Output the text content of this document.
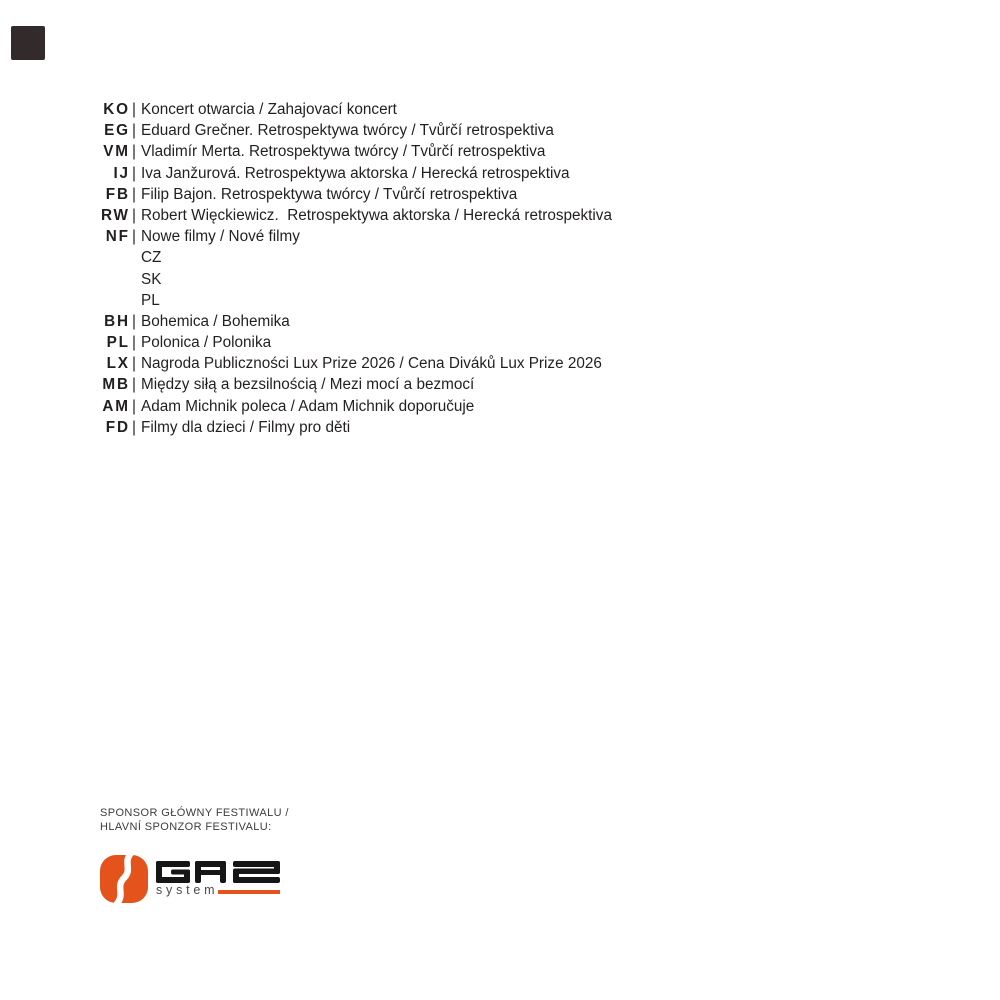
KO | Koncert otwarcia / Zahajovací koncert
EG | Eduard Grečner. Retrospektywa twórcy / Tvůrčí retrospektiva
VM | Vladimír Merta. Retrospektywa twórcy / Tvůrčí retrospektiva
IJ | Iva Janžurová. Retrospektywa aktorska / Herecká retrospektiva
FB | Filip Bajon. Retrospektywa twórcy / Tvůrčí retrospektiva
RW | Robert Więckiewicz.  Retrospektywa aktorska / Herecká retrospektiva
NF | Nowe filmy / Nové filmy
CZ
SK
PL
BH | Bohemica / Bohemika
PL | Polonica / Polonika
LX | Nagroda Publiczności Lux Prize 2026 / Cena Diváků Lux Prize 2026
MB | Między siłą a bezsilnością / Mezi mocí a bezmocí
AM | Adam Michnik poleca / Adam Michnik doporučuje
FD | Filmy dla dzieci / Filmy pro děti
SPONSOR GŁÓWNY FESTIWALU /
HLAVNÍ SPONZOR FESTIVALU:
system
